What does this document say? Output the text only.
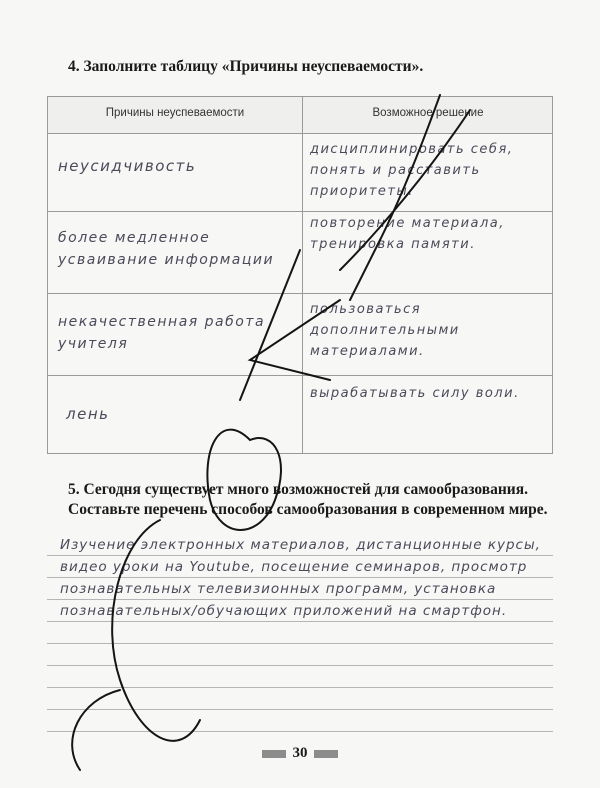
4. Заполните таблицу «Причины неуспеваемости».
Причины неуспеваемости	Возможное решение
неусидчивость
дисциплинировать себя, понять и расставить приоритеты.
более медленное усваивание информации
повторение материала, тренировка памяти.
некачественная работа учителя
пользоваться дополнительными материалами.
лень
вырабатывать силу воли.
5. Сегодня существует много возможностей для самообразования. Составьте перечень способов самообразования в современном мире.
Изучение электронных материалов, дистанционные курсы, видео уроки на Youtube, посещение семинаров, просмотр познавательных телевизионных программ, установка познавательных/обучающих приложений на смартфон.
30
